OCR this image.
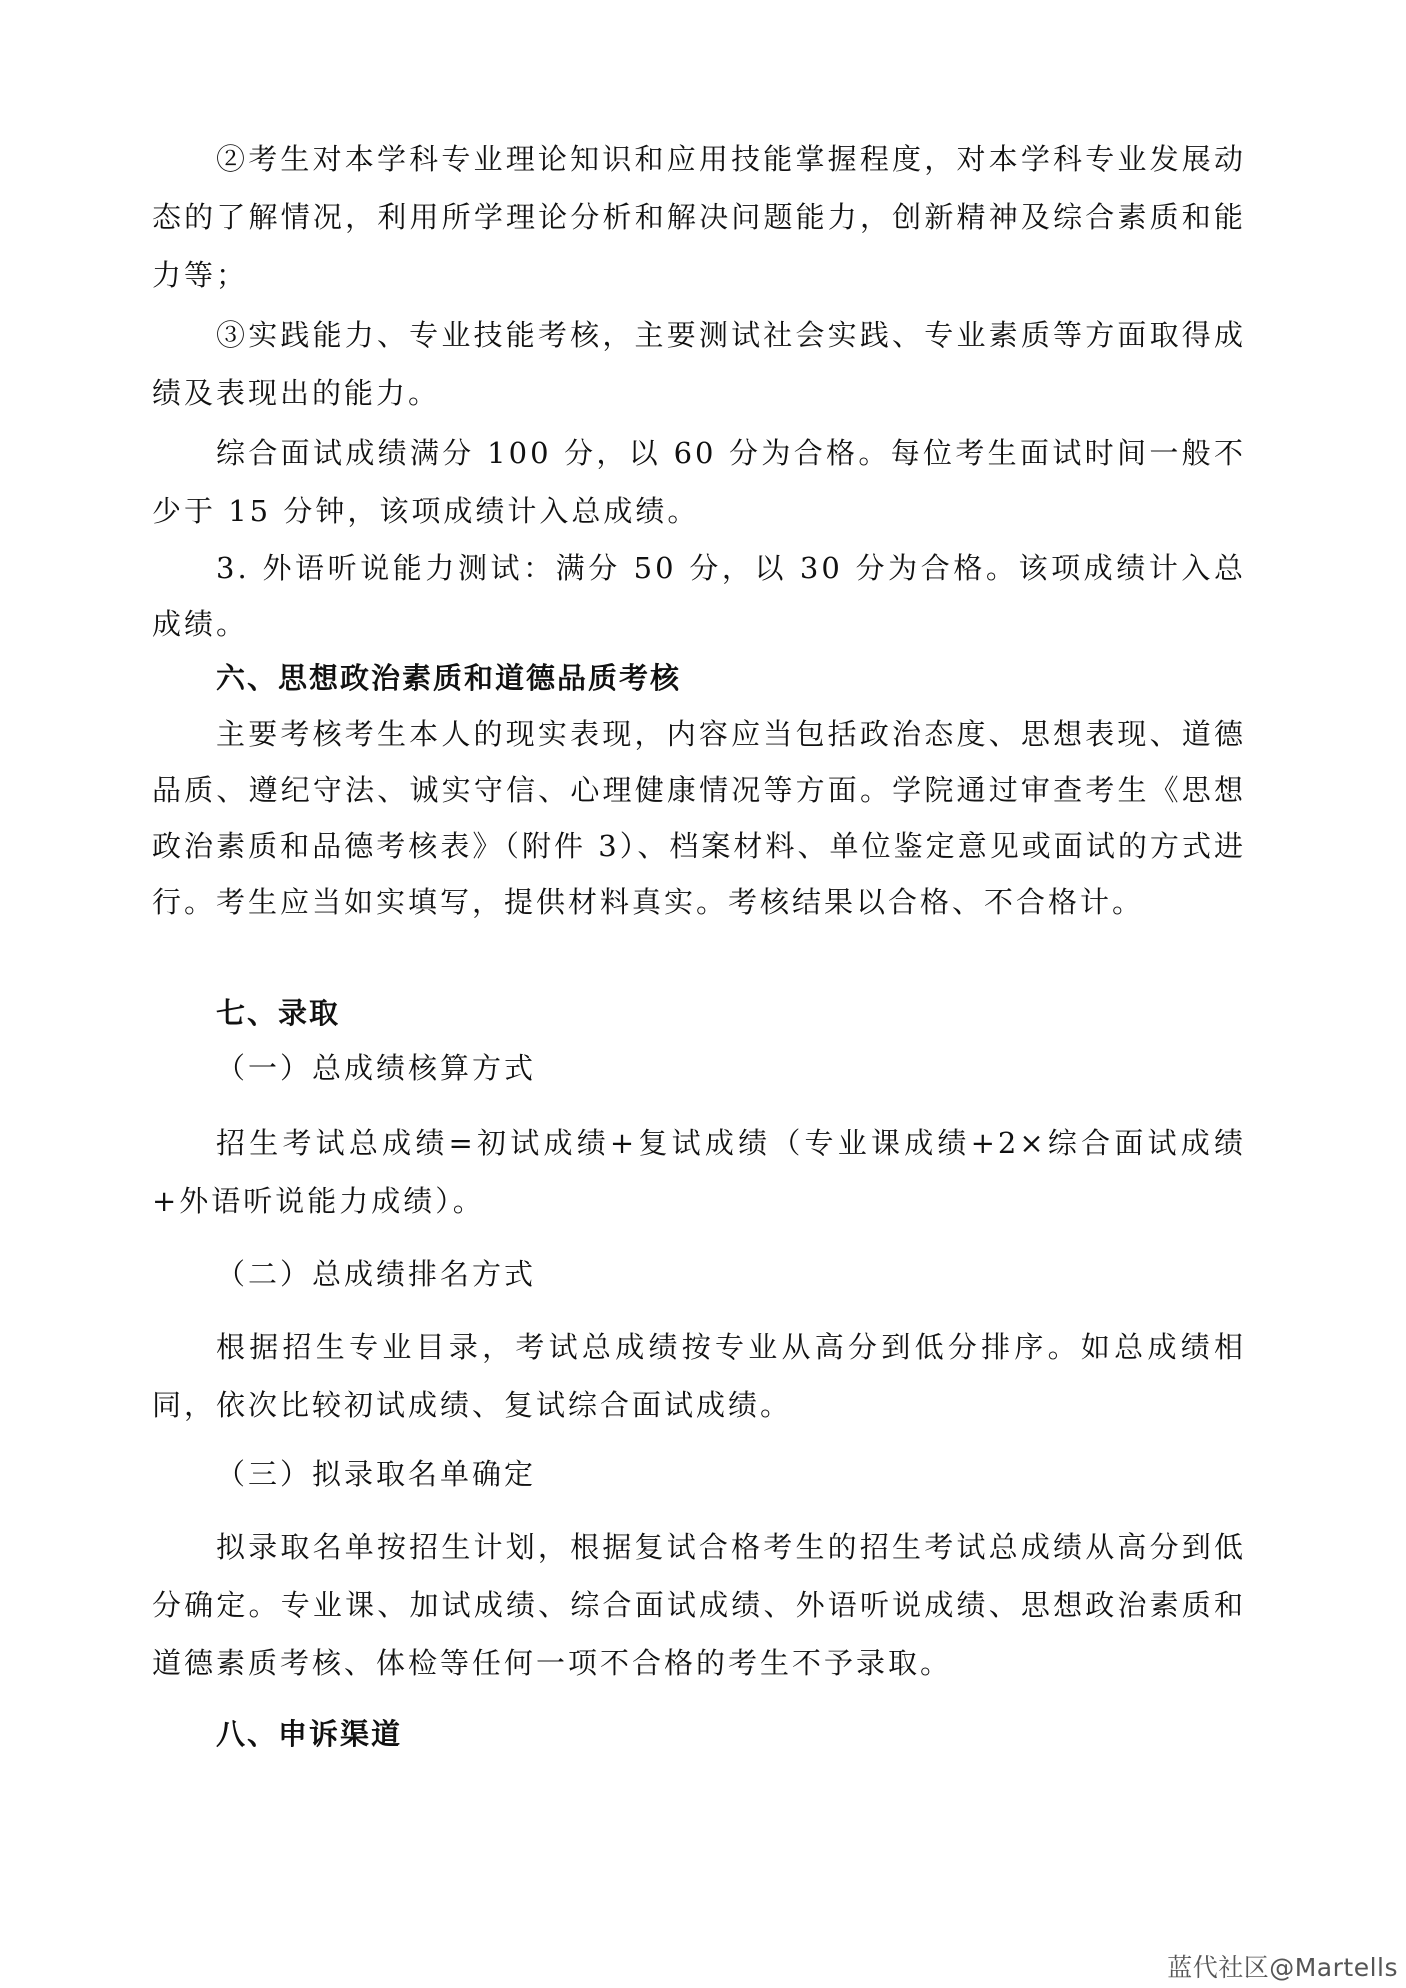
②考生对本学科专业理论知识和应用技能掌握程度，对本学科专业发展动态的了解情况，利用所学理论分析和解决问题能力，创新精神及综合素质和能力等；

③实践能力、专业技能考核，主要测试社会实践、专业素质等方面取得成绩及表现出的能力。

综合面试成绩满分 100 分，以 60 分为合格。每位考生面试时间一般不少于 15 分钟，该项成绩计入总成绩。

3. 外语听说能力测试：满分 50 分，以 30 分为合格。该项成绩计入总成绩。

六、思想政治素质和道德品质考核

主要考核考生本人的现实表现，内容应当包括政治态度、思想表现、道德品质、遵纪守法、诚实守信、心理健康情况等方面。学院通过审查考生《思想政治素质和品德考核表》（附件 3）、档案材料、单位鉴定意见或面试的方式进行。考生应当如实填写，提供材料真实。考核结果以合格、不合格计。

七、录取

（一）总成绩核算方式

招生考试总成绩=初试成绩+复试成绩（专业课成绩+2×综合面试成绩+外语听说能力成绩）。

（二）总成绩排名方式

根据招生专业目录，考试总成绩按专业从高分到低分排序。如总成绩相同，依次比较初试成绩、复试综合面试成绩。

（三）拟录取名单确定

拟录取名单按招生计划，根据复试合格考生的招生考试总成绩从高分到低分确定。专业课、加试成绩、综合面试成绩、外语听说成绩、思想政治素质和道德素质考核、体检等任何一项不合格的考生不予录取。

八、申诉渠道
蓝代社区@Martells
